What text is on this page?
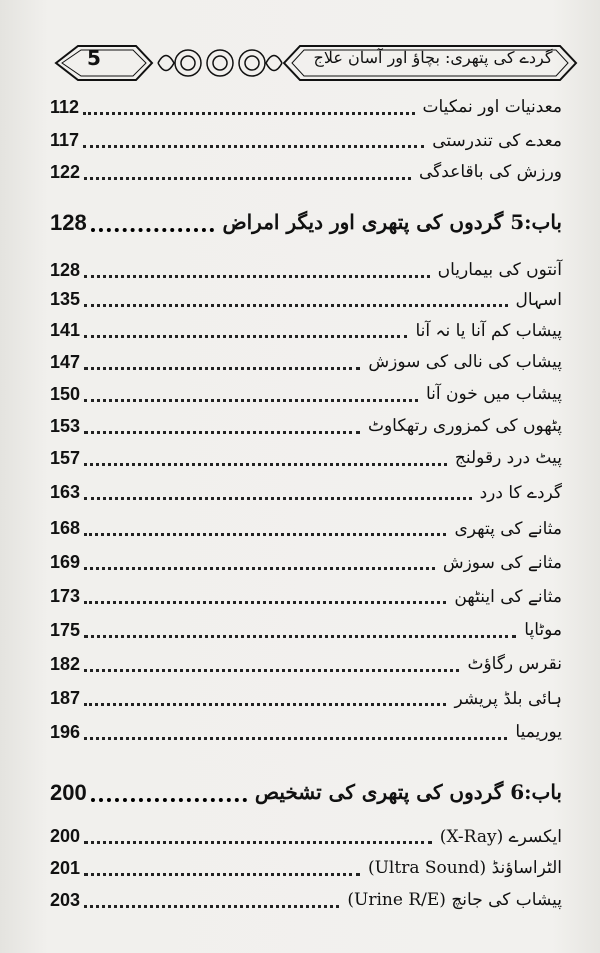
5	گردے کی پتھری: بچاؤ اور آسان علاج
112	معدنیات اور نمکیات
117	معدے کی تندرستی
122	ورزش کی باقاعدگی
128	باب:5 گردوں کی پتھری اور دیگر امراض
128	آنتوں کی بیماریاں
135	اسہال
141	پیشاب کم آنا یا نہ آنا
147	پیشاب کی نالی کی سوزش
150	پیشاب میں خون آنا
153	پٹھوں کی کمزوری رتھکاوٹ
157	پیٹ درد رقولنج
163	گردے کا درد
168	مثانے کی پتھری
169	مثانے کی سوزش
173	مثانے کی اینٹھن
175	موٹاپا
182	نقرس رگاؤٹ
187	ہائی بلڈ پریشر
196	یوریمیا
200	باب:6 گردوں کی پتھری کی تشخیص
200	ایکسرے (X-Ray)
201	الٹراساؤنڈ (Ultra Sound)
203	پیشاب کی جانچ (Urine R/E)
